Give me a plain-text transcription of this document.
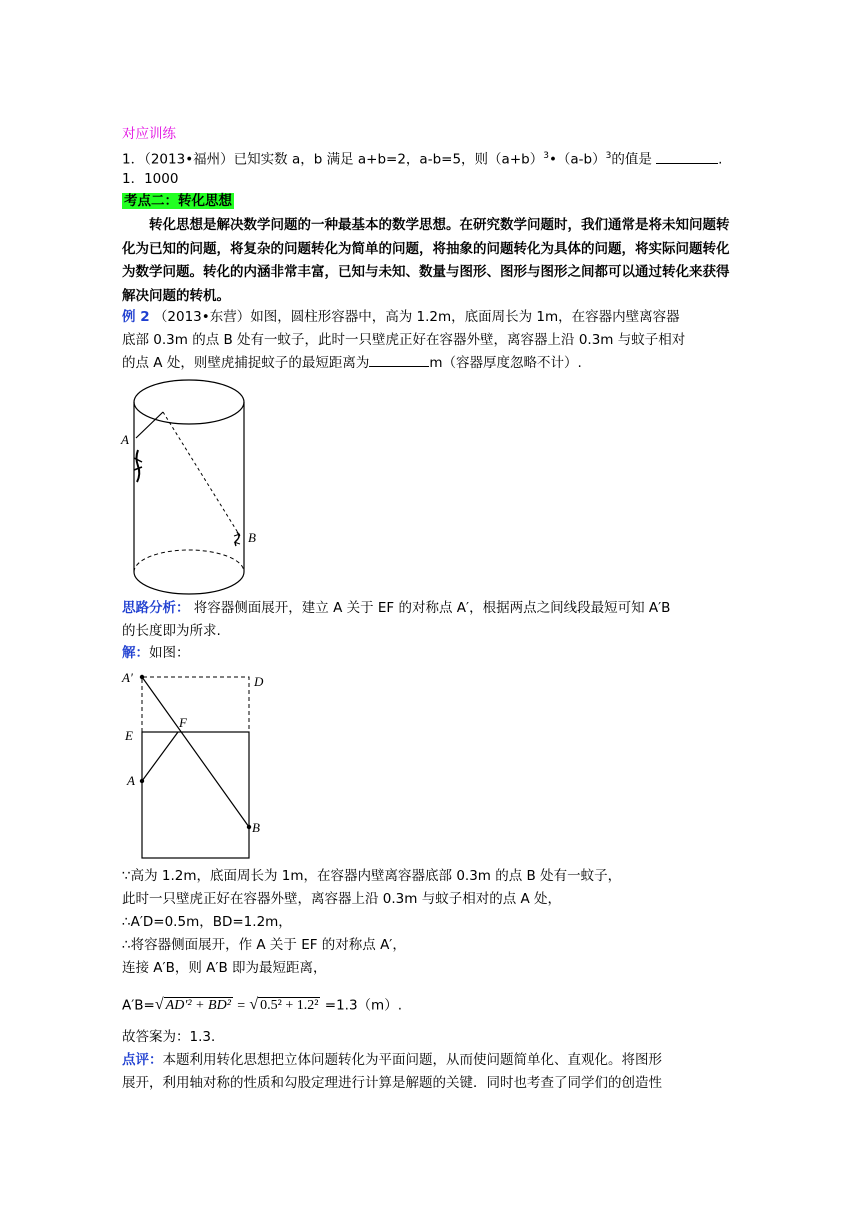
对应训练
1．（2013•福州）已知实数 a，b 满足 a+b=2，a-b=5，则$(a+b)^3•(a-b)^3$的值是	.
1．1000
考点二：转化思想
转化思想是解决数学问题的一种最基本的数学思想。在研究数学问题时，我们通常是将未知问题转化为已知的问题，将复杂的问题转化为简单的问题，将抽象的问题转化为具体的问题，将实际问题转化为数学问题。转化的内涵非常丰富，已知与未知、数量与图形、图形与图形之间都可以通过转化来获得解决问题的转机。
例 2 （2013•东营）如图，圆柱形容器中，高为 1.2m，底面周长为 1m，在容器内壁离容器
底部 0.3m 的点 B 处有一蚊子，此时一只壁虎正好在容器外壁，离容器上沿 0.3m 与蚊子相对
的点 A 处，则壁虎捕捉蚊子的最短距离为	m（容器厚度忽略不计）.
A
B
思路分析： 将容器侧面展开，建立 A 关于 EF 的对称点 A′，根据两点之间线段最短可知 A′B
的长度即为所求.
解：如图：
A′	D
E
F
A
B
∵高为 1.2m，底面周长为 1m，在容器内壁离容器底部 0.3m 的点 B 处有一蚊子，
此时一只壁虎正好在容器外壁，离容器上沿 0.3m 与蚊子相对的点 A 处，
∴A′D=0.5m，BD=1.2m，
∴将容器侧面展开，作 A 关于 EF 的对称点 A′，
连接 A′B，则 A′B 即为最短距离，
A′B=√ AD′² + BD² = √ 0.5² + 1.2² =1.3（m）.
故答案为：1.3．
点评：本题利用转化思想把立体问题转化为平面问题，从而使问题简单化、直观化。将图形
展开，利用轴对称的性质和勾股定理进行计算是解题的关键．同时也考查了同学们的创造性
